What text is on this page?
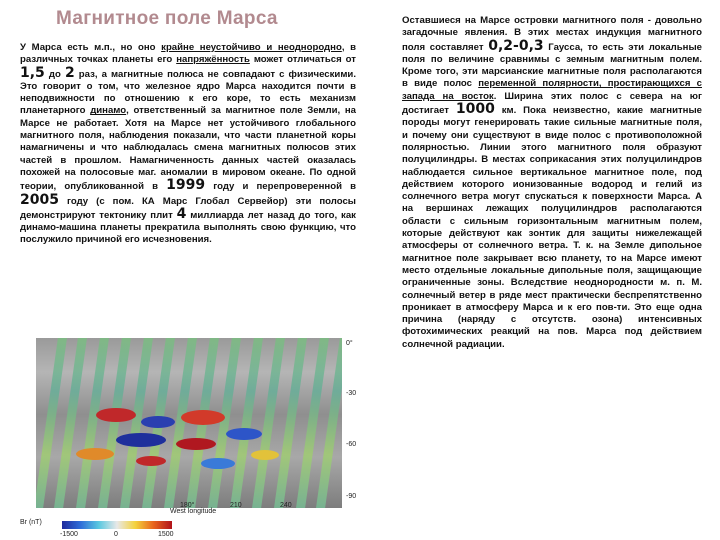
Магнитное поле Марса
У Марса есть м.п., но оно крайне неустойчиво и неоднородно, в различных точках планеты его напряжённость может отличаться от 1,5 до 2 раз, а магнитные полюса не совпадают с физическими. Это говорит о том, что железное ядро Марса находится почти в неподвижности по отношению к его коре, то есть механизм планетарного динамо, ответственный за магнитное поле Земли, на Марсе не работает. Хотя на Марсе нет устойчивого глобального магнитного поля, наблюдения показали, что части планетной коры намагничены и что наблюдалась смена магнитных полюсов этих частей в прошлом. Намагниченность данных частей оказалась похожей на полосовые маг. аномалии в мировом океане. По одной теории, опубликованной в 1999 году и перепроверенной в 2005 году (с пом. КА Марс Глобал Сервейор) эти полосы демонстрируют тектонику плит 4 миллиарда лет назад до того, как динамо-машина планеты прекратила выполнять свою функцию, что послужило причиной его исчезновения.
Оставшиеся на Марсе островки магнитного поля - довольно загадочные явления. В этих местах индукция магнитного поля составляет 0,2-0,3 Гаусса, то есть эти локальные поля по величине сравнимы с земным магнитным полем. Кроме того, эти марсианские магнитные поля располагаются в виде полос переменной полярности, простирающихся с запада на восток. Ширина этих полос с севера на юг достигает 1000 км. Пока неизвестно, какие магнитные породы могут генерировать такие сильные магнитные поля, и почему они существуют в виде полос с противоположной полярностью. Линии этого магнитного поля образуют полуцилиндры. В местах соприкасания этих полуцилиндров наблюдается сильное вертикальное магнитное поле, под действием которого ионизованные водород и гелий из солнечного ветра могут спускаться к поверхности Марса. А на вершинах лежащих полуцилиндров располагаются области с сильным горизонтальным магнитным полем, которые действуют как зонтик для защиты нижележащей атмосферы от солнечного ветра. Т. к. на Земле дипольное магнитное поле закрывает всю планету, то на Марсе имеют место отдельные локальные дипольные поля, защищающие ограниченные зоны. Вследствие неоднородности м. п. М. солнечный ветер в ряде мест практически беспрепятственно проникает в атмосферу Марса и к его пов-ти. Это еще одна причина (наряду с отсутств. озона) интенсивных фотохимических реакций на пов. Марса под действием солнечной радиации.
0°
-30
-60
-90
180°	210	240
West longitude
Br (nT)
-1500	0	1500
